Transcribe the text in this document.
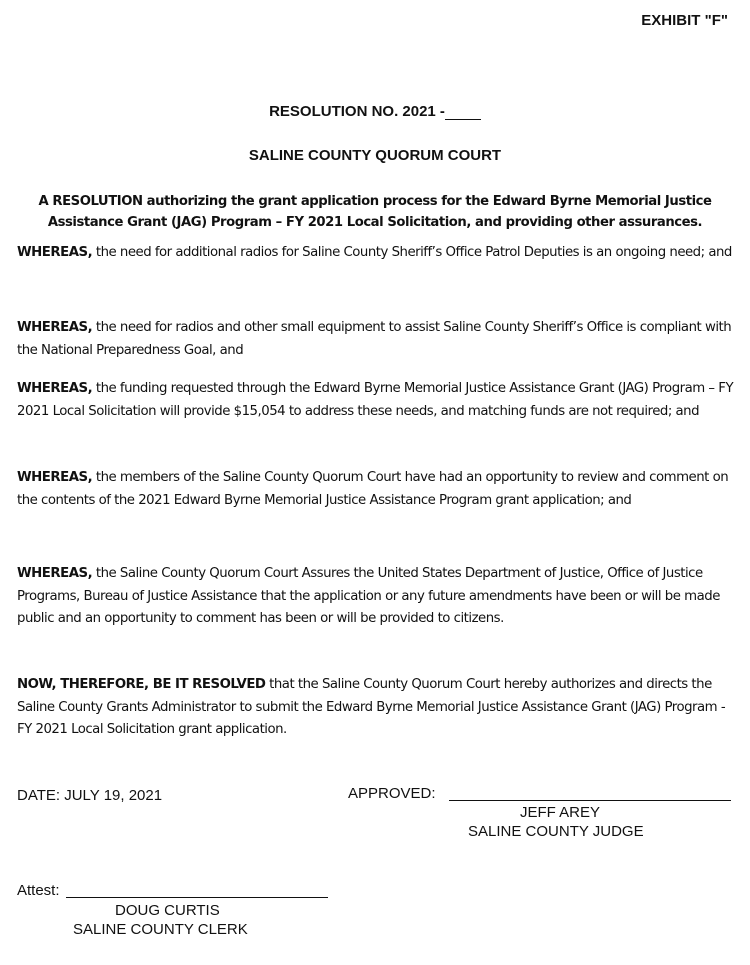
EXHIBIT "F"
RESOLUTION NO. 2021 -
SALINE COUNTY QUORUM COURT
A RESOLUTION authorizing the grant application process for the Edward Byrne Memorial Justice Assistance Grant (JAG) Program – FY 2021 Local Solicitation, and providing other assurances.
WHEREAS, the need for additional radios for Saline County Sheriff’s Office Patrol Deputies is an ongoing need; and
WHEREAS, the need for radios and other small equipment to assist Saline County Sheriff’s Office is compliant with the National Preparedness Goal, and
WHEREAS, the funding requested through the Edward Byrne Memorial Justice Assistance Grant (JAG) Program – FY 2021 Local Solicitation will provide $15,054 to address these needs, and matching funds are not required; and
WHEREAS, the members of the Saline County Quorum Court have had an opportunity to review and comment on the contents of the 2021 Edward Byrne Memorial Justice Assistance Program grant application; and
WHEREAS, the Saline County Quorum Court Assures the United States Department of Justice, Office of Justice Programs, Bureau of Justice Assistance that the application or any future amendments have been or will be made public and an opportunity to comment has been or will be provided to citizens.
NOW, THEREFORE, BE IT RESOLVED that the Saline County Quorum Court hereby authorizes and directs the Saline County Grants Administrator to submit the Edward Byrne Memorial Justice Assistance Grant (JAG) Program - FY 2021 Local Solicitation grant application.
DATE: JULY 19, 2021	APPROVED:
JEFF AREY
SALINE COUNTY JUDGE
Attest:
DOUG CURTIS
SALINE COUNTY CLERK
